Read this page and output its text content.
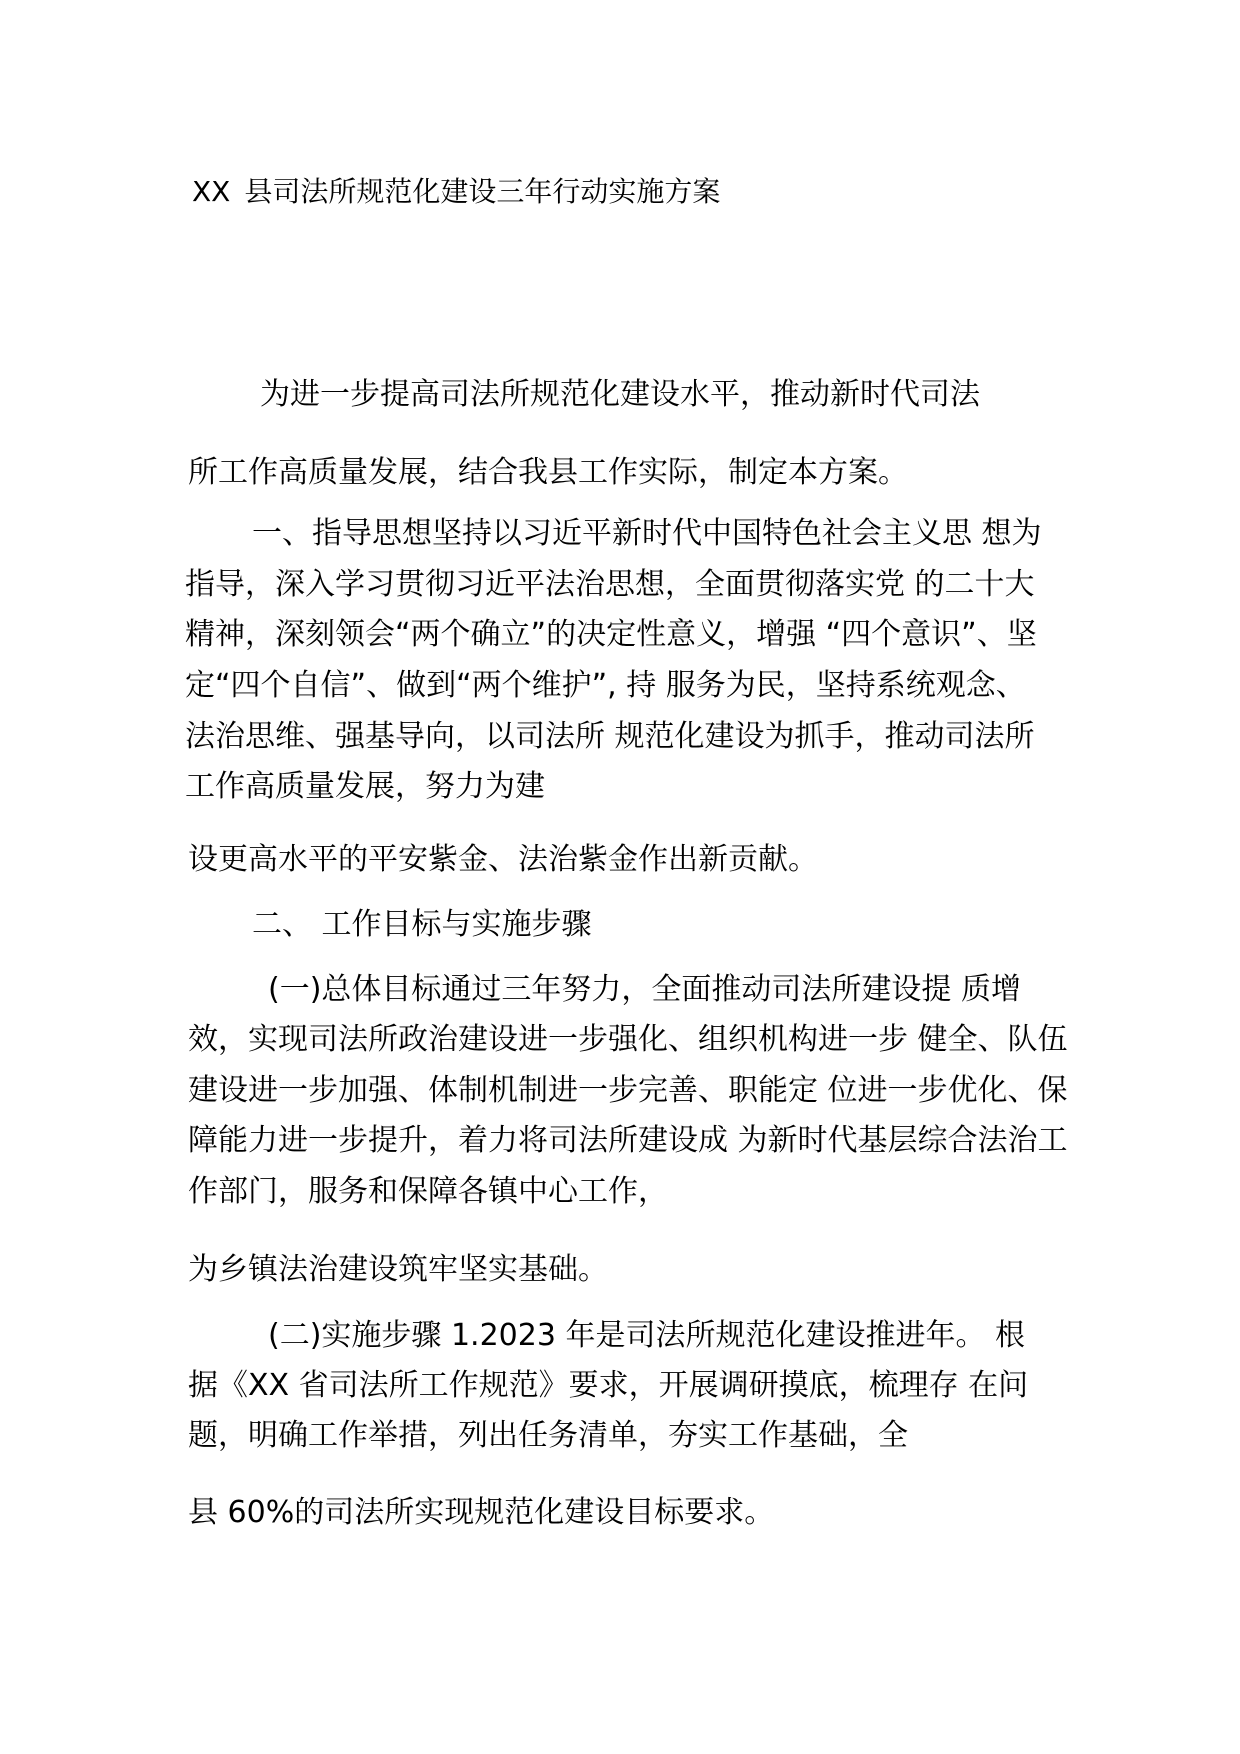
XX 县司法所规范化建设三年行动实施方案
为进一步提高司法所规范化建设水平，推动新时代司法
所工作高质量发展，结合我县工作实际，制定本方案。
一、指导思想坚持以习近平新时代中国特色社会主义思 想为
指导，深入学习贯彻习近平法治思想，全面贯彻落实党 的二十大
精神，深刻领会“两个确立”的决定性意义，增强 “四个意识”、坚
定“四个自信”、做到“两个维护”, 持 服务为民，坚持系统观念、
法治思维、强基导向，以司法所 规范化建设为抓手，推动司法所
工作高质量发展，努力为建
设更高水平的平安紫金、法治紫金作出新贡献。
二、 工作目标与实施步骤
(一)总体目标通过三年努力，全面推动司法所建设提 质增
效，实现司法所政治建设进一步强化、组织机构进一步 健全、队伍
建设进一步加强、体制机制进一步完善、职能定 位进一步优化、保
障能力进一步提升，着力将司法所建设成 为新时代基层综合法治工
作部门，服务和保障各镇中心工作，
为乡镇法治建设筑牢坚实基础。
(二)实施步骤 1.2023 年是司法所规范化建设推进年。 根
据《XX 省司法所工作规范》要求，开展调研摸底，梳理存 在问
题，明确工作举措，列出任务清单，夯实工作基础，全
县 60%的司法所实现规范化建设目标要求。
